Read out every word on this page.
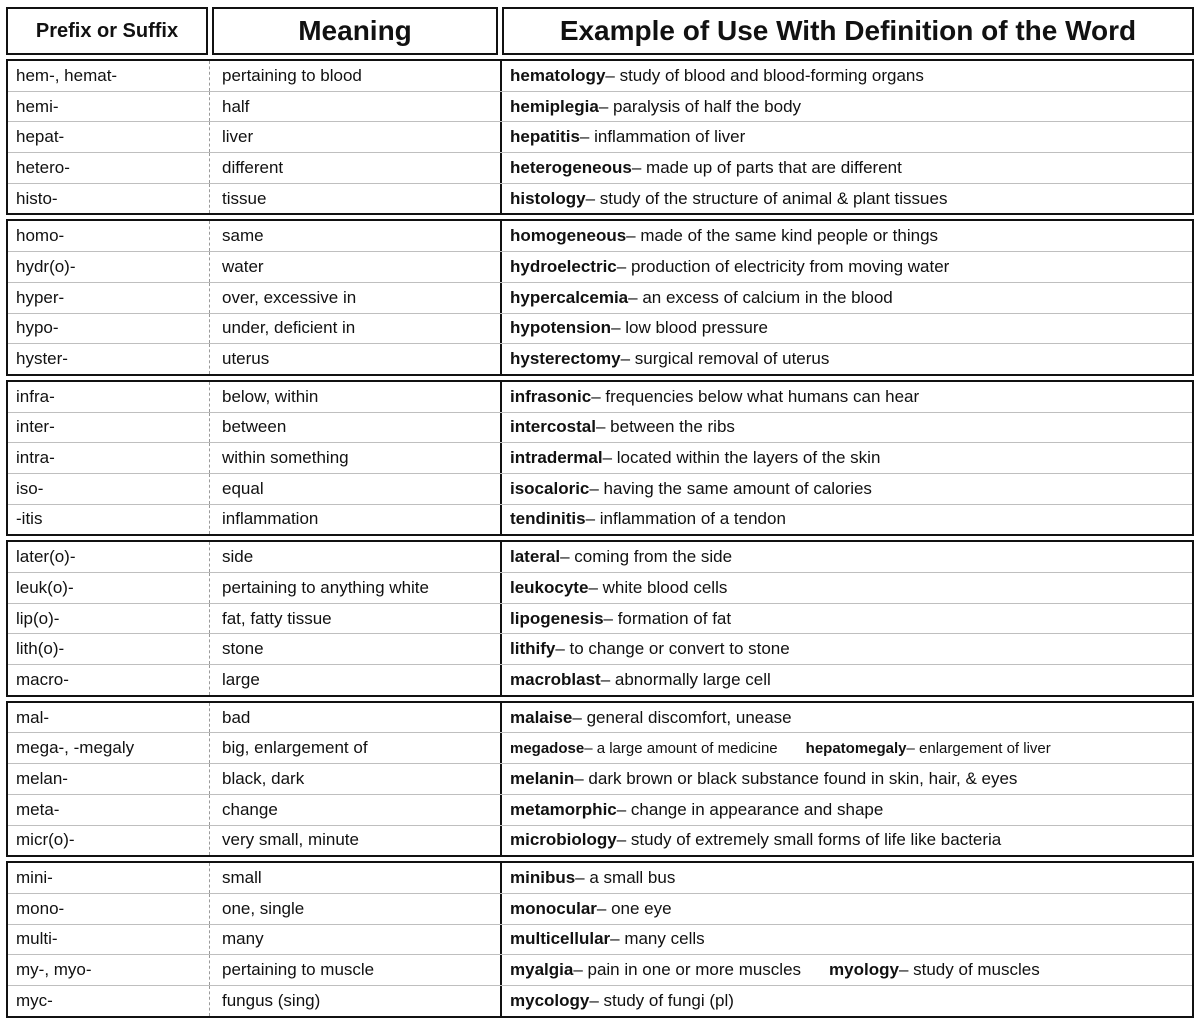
Prefix or Suffix	Meaning	Example of Use With Definition of the Word
hem-, hemat-	pertaining to blood	hematology – study of blood and blood-forming organs
hemi-	half	hemiplegia – paralysis of half the body
hepat-	liver	hepatitis – inflammation of liver
hetero-	different	heterogeneous – made up of parts that are different
histo-	tissue	histology – study of the structure of animal & plant tissues
homo-	same	homogeneous – made of the same kind people or things
hydr(o)-	water	hydroelectric – production of electricity from moving water
hyper-	over, excessive in	hypercalcemia – an excess of calcium in the blood
hypo-	under, deficient in	hypotension – low blood pressure
hyster-	uterus	hysterectomy – surgical removal of uterus
infra-	below, within	infrasonic – frequencies below what humans can hear
inter-	between	intercostal – between the ribs
intra-	within something	intradermal – located within the layers of the skin
iso-	equal	isocaloric – having the same amount of calories
-itis	inflammation	tendinitis – inflammation of a tendon
later(o)-	side	lateral – coming from the side
leuk(o)-	pertaining to anything white	leukocyte – white blood cells
lip(o)-	fat, fatty tissue	lipogenesis – formation of fat
lith(o)-	stone	lithify – to change or convert to stone
macro-	large	macroblast – abnormally large cell
mal-	bad	malaise – general discomfort, unease
mega-, -megaly	big, enlargement of	megadose – a large amount of medicine hepatomegaly – enlargement of liver
melan-	black, dark	melanin – dark brown or black substance found in skin, hair, & eyes
meta-	change	metamorphic – change in appearance and shape
micr(o)-	very small, minute	microbiology – study of extremely small forms of life like bacteria
mini-	small	minibus – a small bus
mono-	one, single	monocular – one eye
multi-	many	multicellular – many cells
my-, myo-	pertaining to muscle	myalgia – pain in one or more muscles myology – study of muscles
myc-	fungus (sing)	mycology – study of fungi (pl)
